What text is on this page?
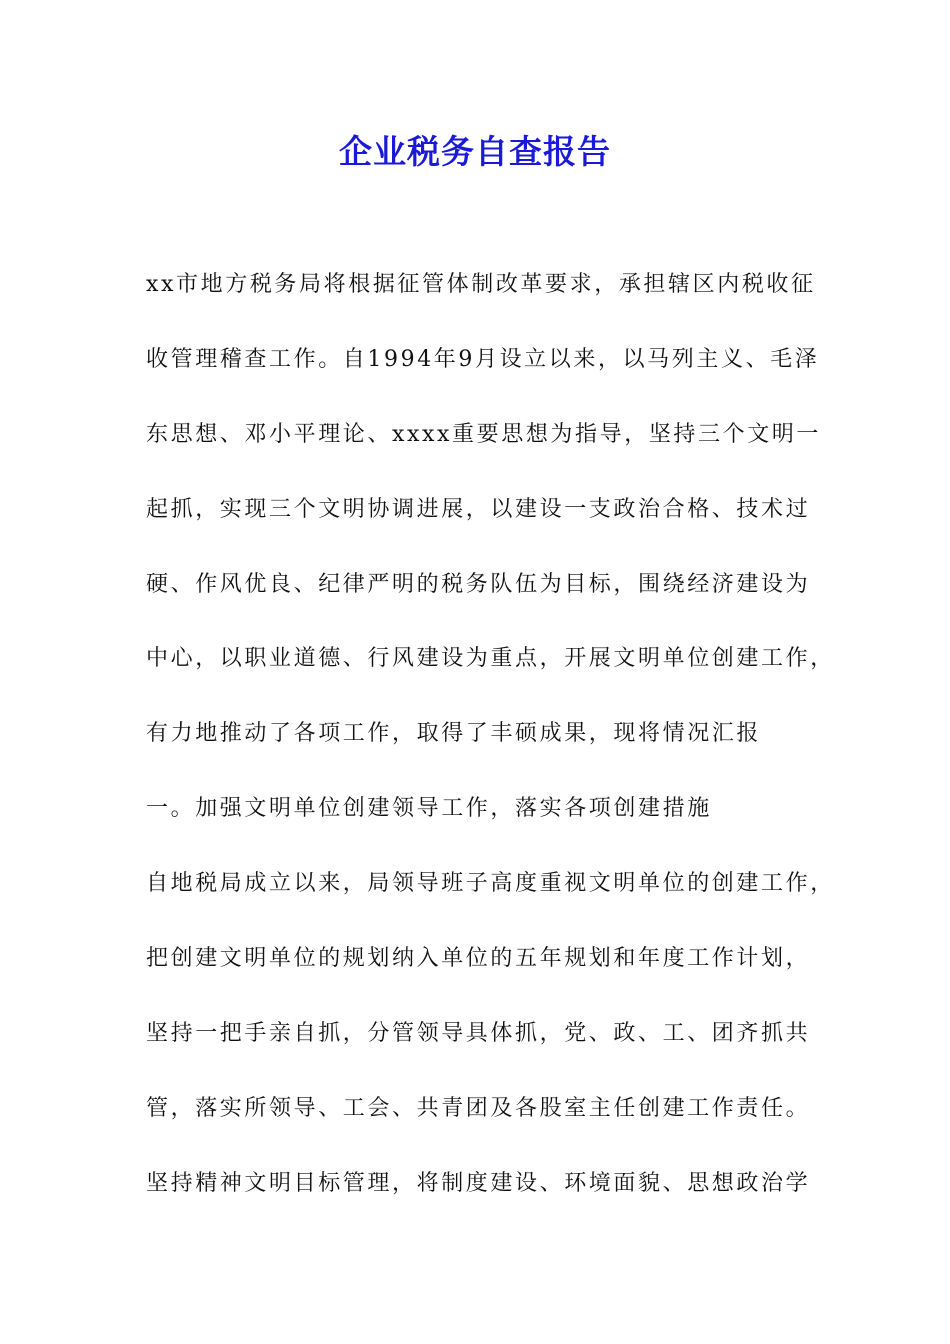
企业税务自查报告
xx市地方税务局将根据征管体制改革要求，承担辖区内税收征
收管理稽查工作。自1994年9月设立以来，以马列主义、毛泽
东思想、邓小平理论、xxxx重要思想为指导，坚持三个文明一
起抓，实现三个文明协调进展，以建设一支政治合格、技术过
硬、作风优良、纪律严明的税务队伍为目标，围绕经济建设为
中心，以职业道德、行风建设为重点，开展文明单位创建工作，
有力地推动了各项工作，取得了丰硕成果，现将情况汇报
一。加强文明单位创建领导工作，落实各项创建措施
自地税局成立以来，局领导班子高度重视文明单位的创建工作，
把创建文明单位的规划纳入单位的五年规划和年度工作计划，
坚持一把手亲自抓，分管领导具体抓，党、政、工、团齐抓共
管，落实所领导、工会、共青团及各股室主任创建工作责任。
坚持精神文明目标管理，将制度建设、环境面貌、思想政治学
